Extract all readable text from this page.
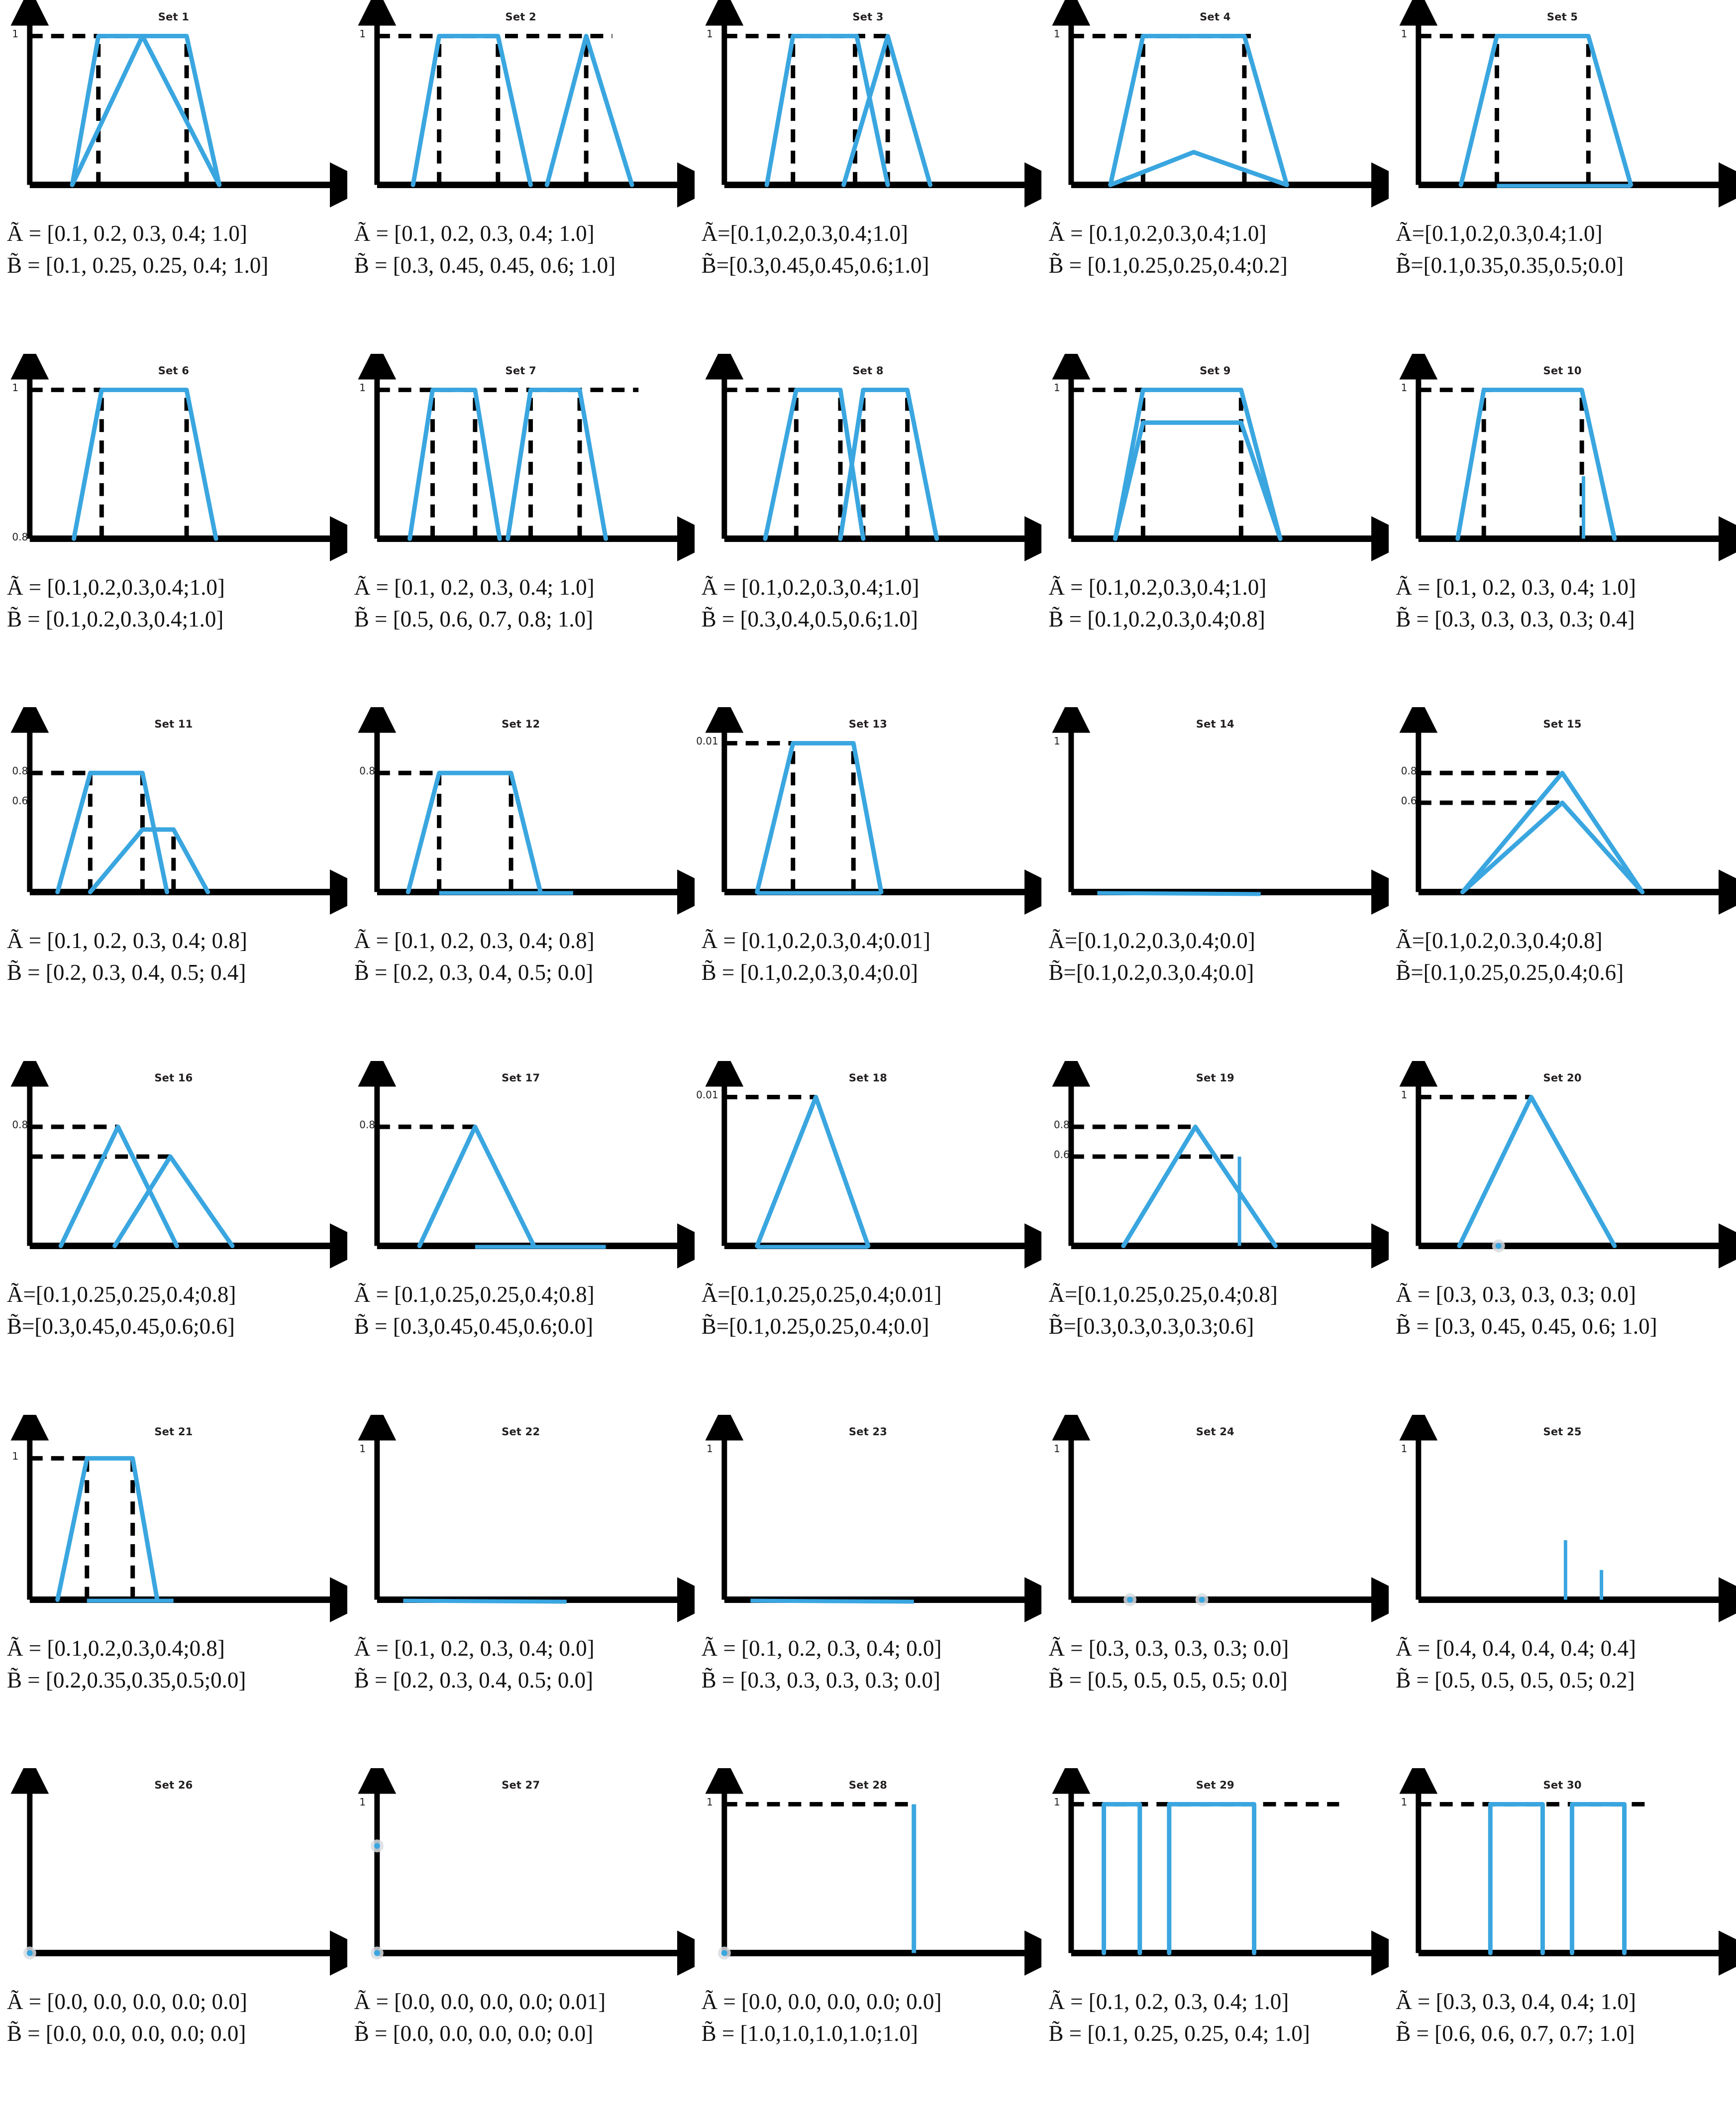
Set 1
1
Ã = [0.1, 0.2, 0.3, 0.4; 1.0]
B̃ = [0.1, 0.25, 0.25, 0.4; 1.0]
Set 2
1
Ã = [0.1, 0.2, 0.3, 0.4; 1.0]
B̃ = [0.3, 0.45, 0.45, 0.6; 1.0]
Set 3
1
Ã=[0.1,0.2,0.3,0.4;1.0]
B̃=[0.3,0.45,0.45,0.6;1.0]
Set 4
1
Ã = [0.1,0.2,0.3,0.4;1.0]
B̃ = [0.1,0.25,0.25,0.4;0.2]
Set 5
1
Ã=[0.1,0.2,0.3,0.4;1.0]
B̃=[0.1,0.35,0.35,0.5;0.0]
Set 6
1
0.8
Ã = [0.1,0.2,0.3,0.4;1.0]
B̃ = [0.1,0.2,0.3,0.4;1.0]
Set 7
1
Ã = [0.1, 0.2, 0.3, 0.4; 1.0]
B̃ = [0.5, 0.6, 0.7, 0.8; 1.0]
Set 8
Ã = [0.1,0.2,0.3,0.4;1.0]
B̃ = [0.3,0.4,0.5,0.6;1.0]
Set 9
1
Ã = [0.1,0.2,0.3,0.4;1.0]
B̃ = [0.1,0.2,0.3,0.4;0.8]
Set 10
1
Ã = [0.1, 0.2, 0.3, 0.4; 1.0]
B̃ = [0.3, 0.3, 0.3, 0.3; 0.4]
Set 11
0.8
0.6
Ã = [0.1, 0.2, 0.3, 0.4; 0.8]
B̃ = [0.2, 0.3, 0.4, 0.5; 0.4]
Set 12
0.8
Ã = [0.1, 0.2, 0.3, 0.4; 0.8]
B̃ = [0.2, 0.3, 0.4, 0.5; 0.0]
Set 13
0.01
Ã = [0.1,0.2,0.3,0.4;0.01]
B̃ = [0.1,0.2,0.3,0.4;0.0]
Set 14
1
Ã=[0.1,0.2,0.3,0.4;0.0]
B̃=[0.1,0.2,0.3,0.4;0.0]
Set 15
0.8
0.6
Ã=[0.1,0.2,0.3,0.4;0.8]
B̃=[0.1,0.25,0.25,0.4;0.6]
Set 16
0.8
Ã=[0.1,0.25,0.25,0.4;0.8]
B̃=[0.3,0.45,0.45,0.6;0.6]
Set 17
0.8
Ã = [0.1,0.25,0.25,0.4;0.8]
B̃ = [0.3,0.45,0.45,0.6;0.0]
Set 18
0.01
Ã=[0.1,0.25,0.25,0.4;0.01]
B̃=[0.1,0.25,0.25,0.4;0.0]
Set 19
0.8
0.6
Ã=[0.1,0.25,0.25,0.4;0.8]
B̃=[0.3,0.3,0.3,0.3;0.6]
Set 20
1
Ã = [0.3, 0.3, 0.3, 0.3; 0.0]
B̃ = [0.3, 0.45, 0.45, 0.6; 1.0]
Set 21
1
Ã = [0.1,0.2,0.3,0.4;0.8]
B̃ = [0.2,0.35,0.35,0.5;0.0]
Set 22
1
Ã = [0.1, 0.2, 0.3, 0.4; 0.0]
B̃ = [0.2, 0.3, 0.4, 0.5; 0.0]
Set 23
1
Ã = [0.1, 0.2, 0.3, 0.4; 0.0]
B̃ = [0.3, 0.3, 0.3, 0.3; 0.0]
Set 24
1
Ã = [0.3, 0.3, 0.3, 0.3; 0.0]
B̃ = [0.5, 0.5, 0.5, 0.5; 0.0]
Set 25
1
Ã = [0.4, 0.4, 0.4, 0.4; 0.4]
B̃ = [0.5, 0.5, 0.5, 0.5; 0.2]
Set 26
Ã = [0.0, 0.0, 0.0, 0.0; 0.0]
B̃ = [0.0, 0.0, 0.0, 0.0; 0.0]
Set 27
1
Ã = [0.0, 0.0, 0.0, 0.0; 0.01]
B̃ = [0.0, 0.0, 0.0, 0.0; 0.0]
Set 28
1
Ã = [0.0, 0.0, 0.0, 0.0; 0.0]
B̃ = [1.0,1.0,1.0,1.0;1.0]
Set 29
1
Ã = [0.1, 0.2, 0.3, 0.4; 1.0]
B̃ = [0.1, 0.25, 0.25, 0.4; 1.0]
Set 30
1
Ã = [0.3, 0.3, 0.4, 0.4; 1.0]
B̃ = [0.6, 0.6, 0.7, 0.7; 1.0]
